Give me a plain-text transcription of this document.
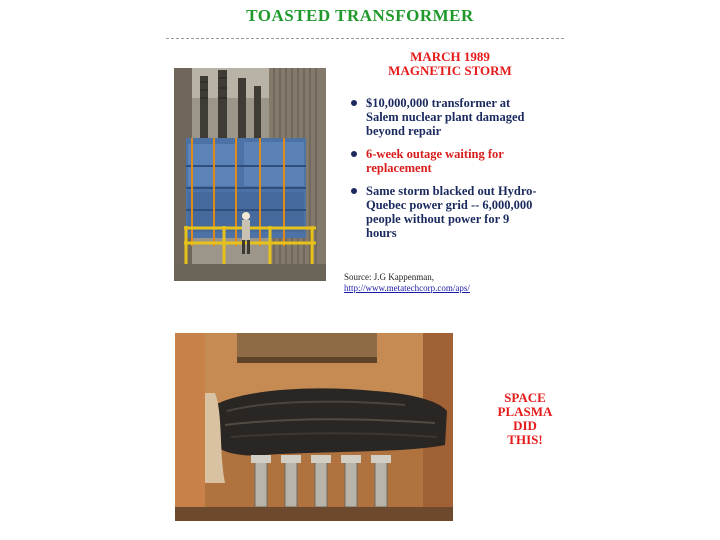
TOASTED TRANSFORMER
MARCH 1989
MAGNETIC STORM
$10,000,000 transformer at
Salem nuclear plant damaged
beyond repair
6-week outage waiting for
replacement
Same storm blacked out Hydro-
Quebec power grid -- 6,000,000
people without power for 9
hours
Source: J.G Kappenman,
http://www.metatechcorp.com/aps/
SPACE
PLASMA
DID
THIS!
